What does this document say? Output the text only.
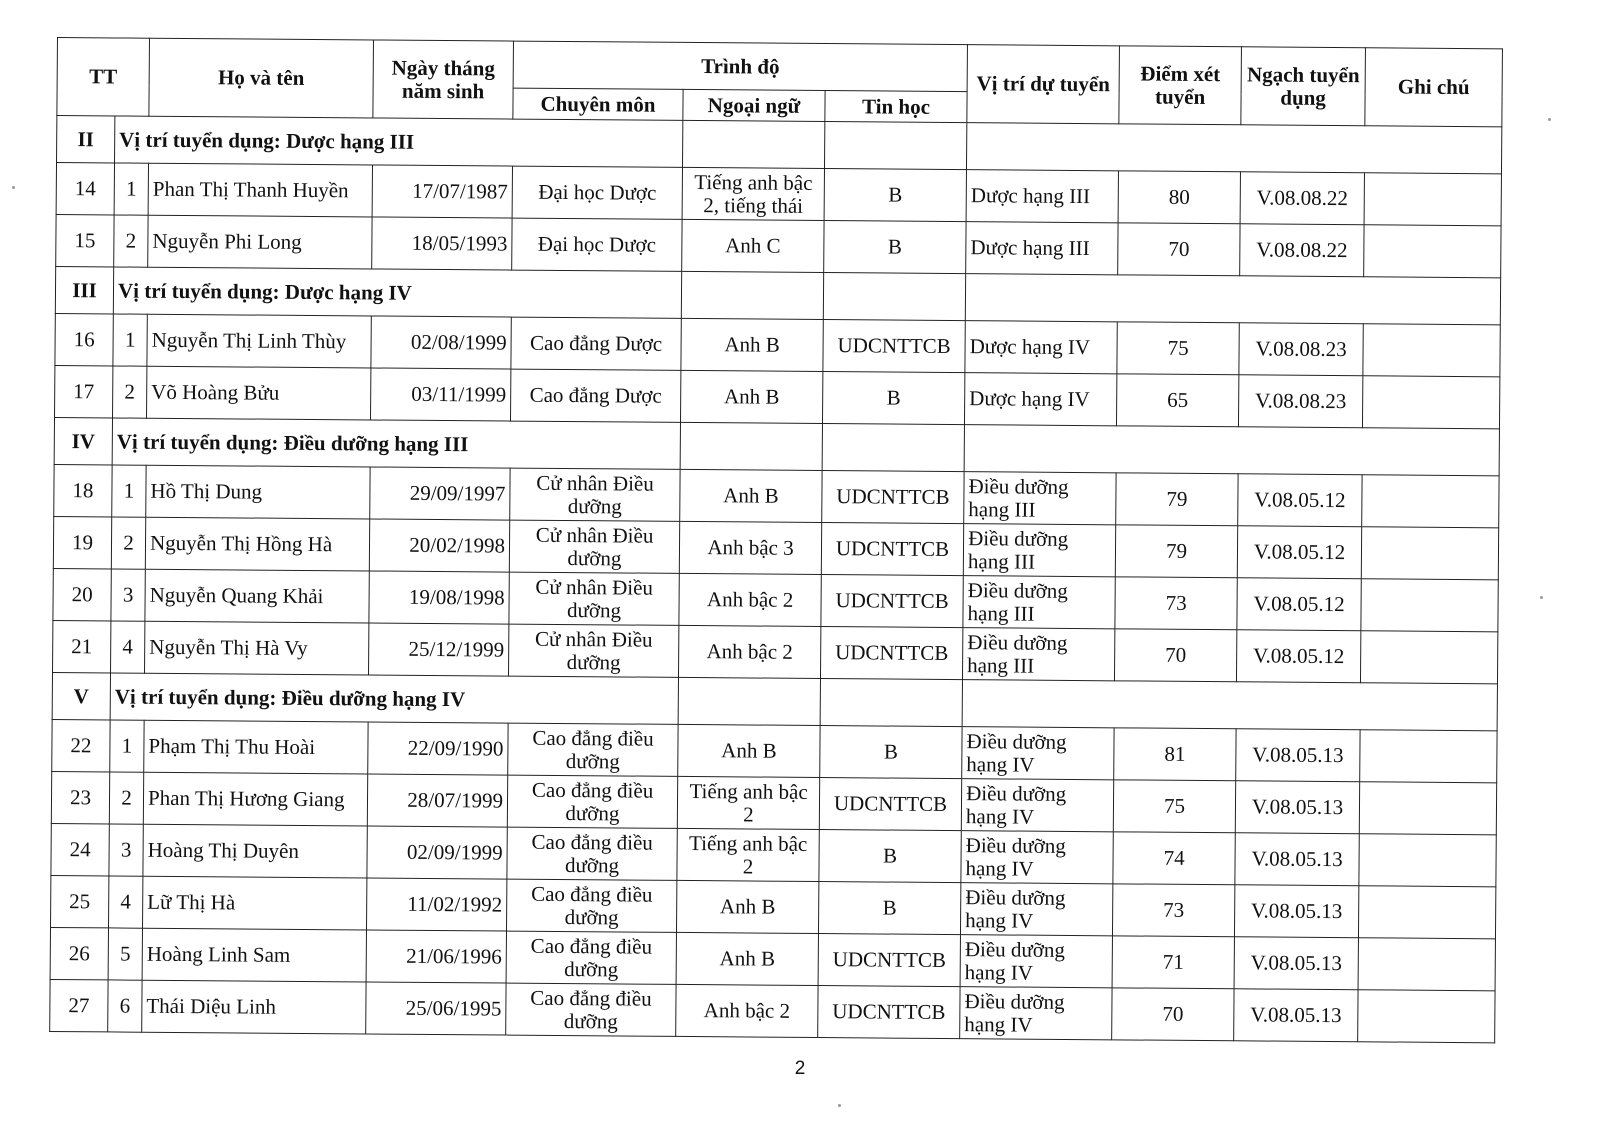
TT		Họ và tên	Ngày tháng năm sinh	Trình độ			Vị trí dự tuyển	Điểm xét tuyển	Ngạch tuyển dụng	Ghi chú
				Chuyên môn	Ngoại ngữ	Tin học				
II	Vị trí tuyển dụng: Dược hạng III									
14	1	Phan Thị Thanh Huyền	17/07/1987	Đại học Dược	Tiếng anh bậc 2, tiếng thái	B	Dược hạng III	80	V.08.08.22	
15	2	Nguyễn Phi Long	18/05/1993	Đại học Dược	Anh C	B	Dược hạng III	70	V.08.08.22	
III	Vị trí tuyển dụng: Dược hạng IV									
16	1	Nguyễn Thị Linh Thùy	02/08/1999	Cao đẳng Dược	Anh B	UDCNTTCB	Dược hạng IV	75	V.08.08.23	
17	2	Võ Hoàng Bửu	03/11/1999	Cao đẳng Dược	Anh B	B	Dược hạng IV	65	V.08.08.23	
IV	Vị trí tuyển dụng: Điều dưỡng hạng III									
18	1	Hồ Thị Dung	29/09/1997	Cử nhân Điều dưỡng	Anh B	UDCNTTCB	Điều dưỡng hạng III	79	V.08.05.12	
19	2	Nguyễn Thị Hồng Hà	20/02/1998	Cử nhân Điều dưỡng	Anh bậc 3	UDCNTTCB	Điều dưỡng hạng III	79	V.08.05.12	
20	3	Nguyễn Quang Khải	19/08/1998	Cử nhân Điều dưỡng	Anh bậc 2	UDCNTTCB	Điều dưỡng hạng III	73	V.08.05.12	
21	4	Nguyễn Thị Hà Vy	25/12/1999	Cử nhân Điều dưỡng	Anh bậc 2	UDCNTTCB	Điều dưỡng hạng III	70	V.08.05.12	
V	Vị trí tuyển dụng: Điều dưỡng hạng IV									
22	1	Phạm Thị Thu Hoài	22/09/1990	Cao đẳng điều dưỡng	Anh B	B	Điều dưỡng hạng IV	81	V.08.05.13	
23	2	Phan Thị Hương Giang	28/07/1999	Cao đẳng điều dưỡng	Tiếng anh bậc 2	UDCNTTCB	Điều dưỡng hạng IV	75	V.08.05.13	
24	3	Hoàng Thị Duyên	02/09/1999	Cao đẳng điều dưỡng	Tiếng anh bậc 2	B	Điều dưỡng hạng IV	74	V.08.05.13	
25	4	Lữ Thị Hà	11/02/1992	Cao đẳng điều dưỡng	Anh B	B	Điều dưỡng hạng IV	73	V.08.05.13	
26	5	Hoàng Linh Sam	21/06/1996	Cao đẳng điều dưỡng	Anh B	UDCNTTCB	Điều dưỡng hạng IV	71	V.08.05.13	
27	6	Thái Diệu Linh	25/06/1995	Cao đẳng điều dưỡng	Anh bậc 2	UDCNTTCB	Điều dưỡng hạng IV	70	V.08.05.13	
2
